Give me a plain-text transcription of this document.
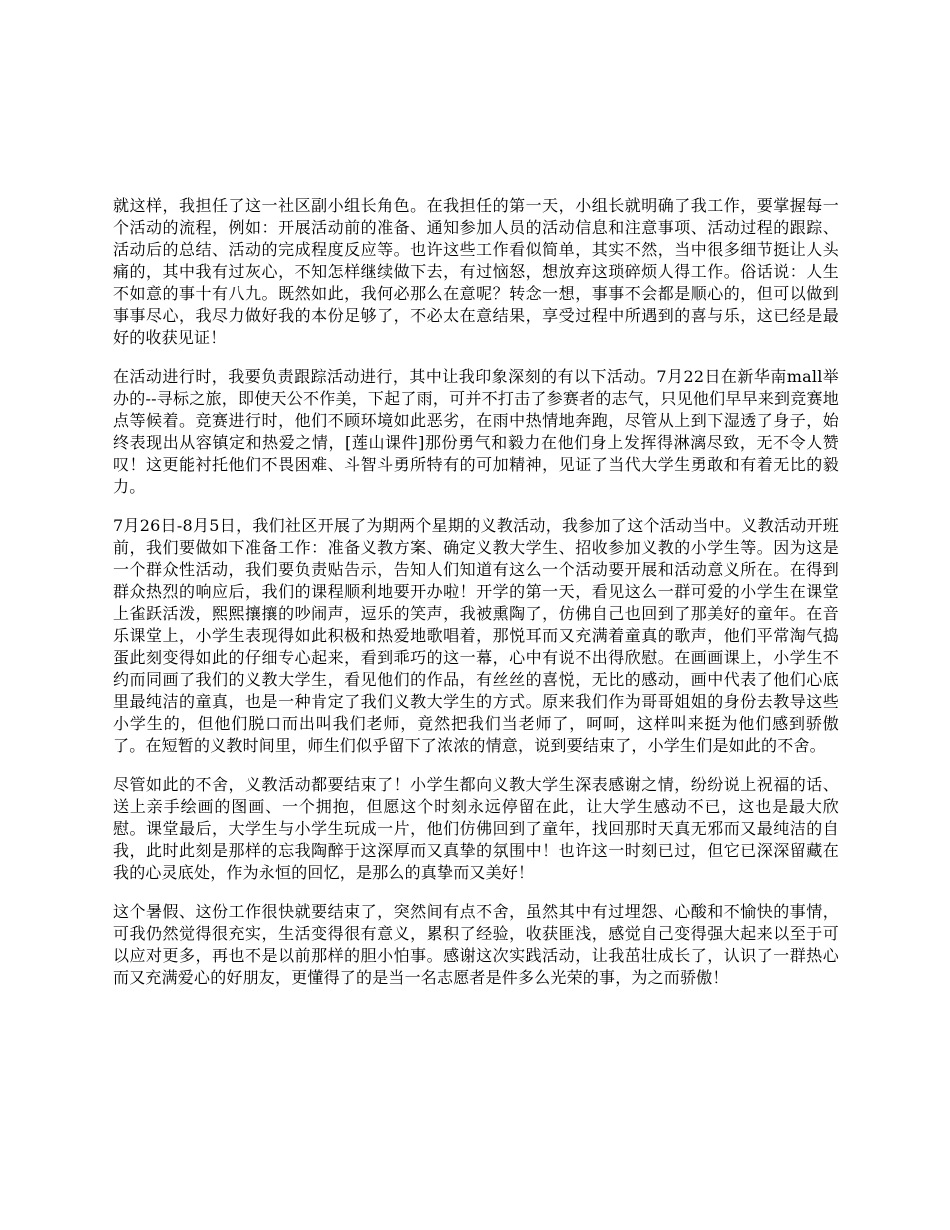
就这样，我担任了这一社区副小组长角色。在我担任的第一天，小组长就明确了我工作，要掌握每一个活动的流程，例如：开展活动前的准备、通知参加人员的活动信息和注意事项、活动过程的跟踪、活动后的总结、活动的完成程度反应等。也许这些工作看似简单，其实不然，当中很多细节挺让人头痛的，其中我有过灰心，不知怎样继续做下去，有过恼怒，想放弃这琐碎烦人得工作。俗话说：人生不如意的事十有八九。既然如此，我何必那么在意呢？转念一想，事事不会都是顺心的，但可以做到事事尽心，我尽力做好我的本份足够了，不必太在意结果，享受过程中所遇到的喜与乐，这已经是最好的收获见证！

在活动进行时，我要负责跟踪活动进行，其中让我印象深刻的有以下活动。7月22日在新华南mall举办的--寻标之旅，即使天公不作美，下起了雨，可并不打击了参赛者的志气，只见他们早早来到竞赛地点等候着。竞赛进行时，他们不顾环境如此恶劣，在雨中热情地奔跑，尽管从上到下湿透了身子，始终表现出从容镇定和热爱之情，[莲山课件]那份勇气和毅力在他们身上发挥得淋漓尽致，无不令人赞叹！这更能衬托他们不畏困难、斗智斗勇所特有的可加精神，见证了当代大学生勇敢和有着无比的毅力。

7月26日-8月5日，我们社区开展了为期两个星期的义教活动，我参加了这个活动当中。义教活动开班前，我们要做如下准备工作：准备义教方案、确定义教大学生、招收参加义教的小学生等。因为这是一个群众性活动，我们要负责贴告示，告知人们知道有这么一个活动要开展和活动意义所在。在得到群众热烈的响应后，我们的课程顺利地要开办啦！开学的第一天，看见这么一群可爱的小学生在课堂上雀跃活泼，熙熙攘攘的吵闹声，逗乐的笑声，我被熏陶了，仿佛自己也回到了那美好的童年。在音乐课堂上，小学生表现得如此积极和热爱地歌唱着，那悦耳而又充满着童真的歌声，他们平常淘气捣蛋此刻变得如此的仔细专心起来，看到乖巧的这一幕，心中有说不出得欣慰。在画画课上，小学生不约而同画了我们的义教大学生，看见他们的作品，有丝丝的喜悦，无比的感动，画中代表了他们心底里最纯洁的童真，也是一种肯定了我们义教大学生的方式。原来我们作为哥哥姐姐的身份去教导这些小学生的，但他们脱口而出叫我们老师，竟然把我们当老师了，呵呵，这样叫来挺为他们感到骄傲了。在短暂的义教时间里，师生们似乎留下了浓浓的情意，说到要结束了，小学生们是如此的不舍。

尽管如此的不舍，义教活动都要结束了！小学生都向义教大学生深表感谢之情，纷纷说上祝福的话、送上亲手绘画的图画、一个拥抱，但愿这个时刻永远停留在此，让大学生感动不已，这也是最大欣慰。课堂最后，大学生与小学生玩成一片，他们仿佛回到了童年，找回那时天真无邪而又最纯洁的自我，此时此刻是那样的忘我陶醉于这深厚而又真挚的氛围中！也许这一时刻已过，但它已深深留藏在我的心灵底处，作为永恒的回忆，是那么的真挚而又美好！

这个暑假、这份工作很快就要结束了，突然间有点不舍，虽然其中有过埋怨、心酸和不愉快的事情，可我仍然觉得很充实，生活变得很有意义，累积了经验，收获匪浅，感觉自己变得强大起来以至于可以应对更多，再也不是以前那样的胆小怕事。感谢这次实践活动，让我茁壮成长了，认识了一群热心而又充满爱心的好朋友，更懂得了的是当一名志愿者是件多么光荣的事，为之而骄傲！
